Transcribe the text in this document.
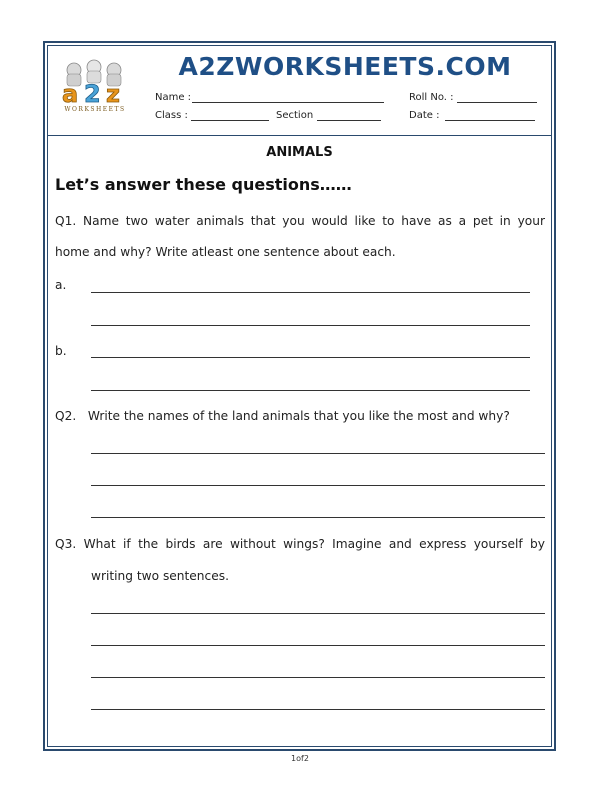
a 2 z
WORKSHEETS
A2ZWORKSHEETS.COM
Name :	Roll No. :
Class :	Section	Date :
ANIMALS
Let’s answer these questions……
Q1. Name two water animals that you would like to have as a pet in your
home and why? Write atleast one sentence about each.
a.
b.
Q2.   Write the names of the land animals that you like the most and why?
Q3. What if the birds are without wings? Imagine and express yourself by
writing two sentences.
1of2
